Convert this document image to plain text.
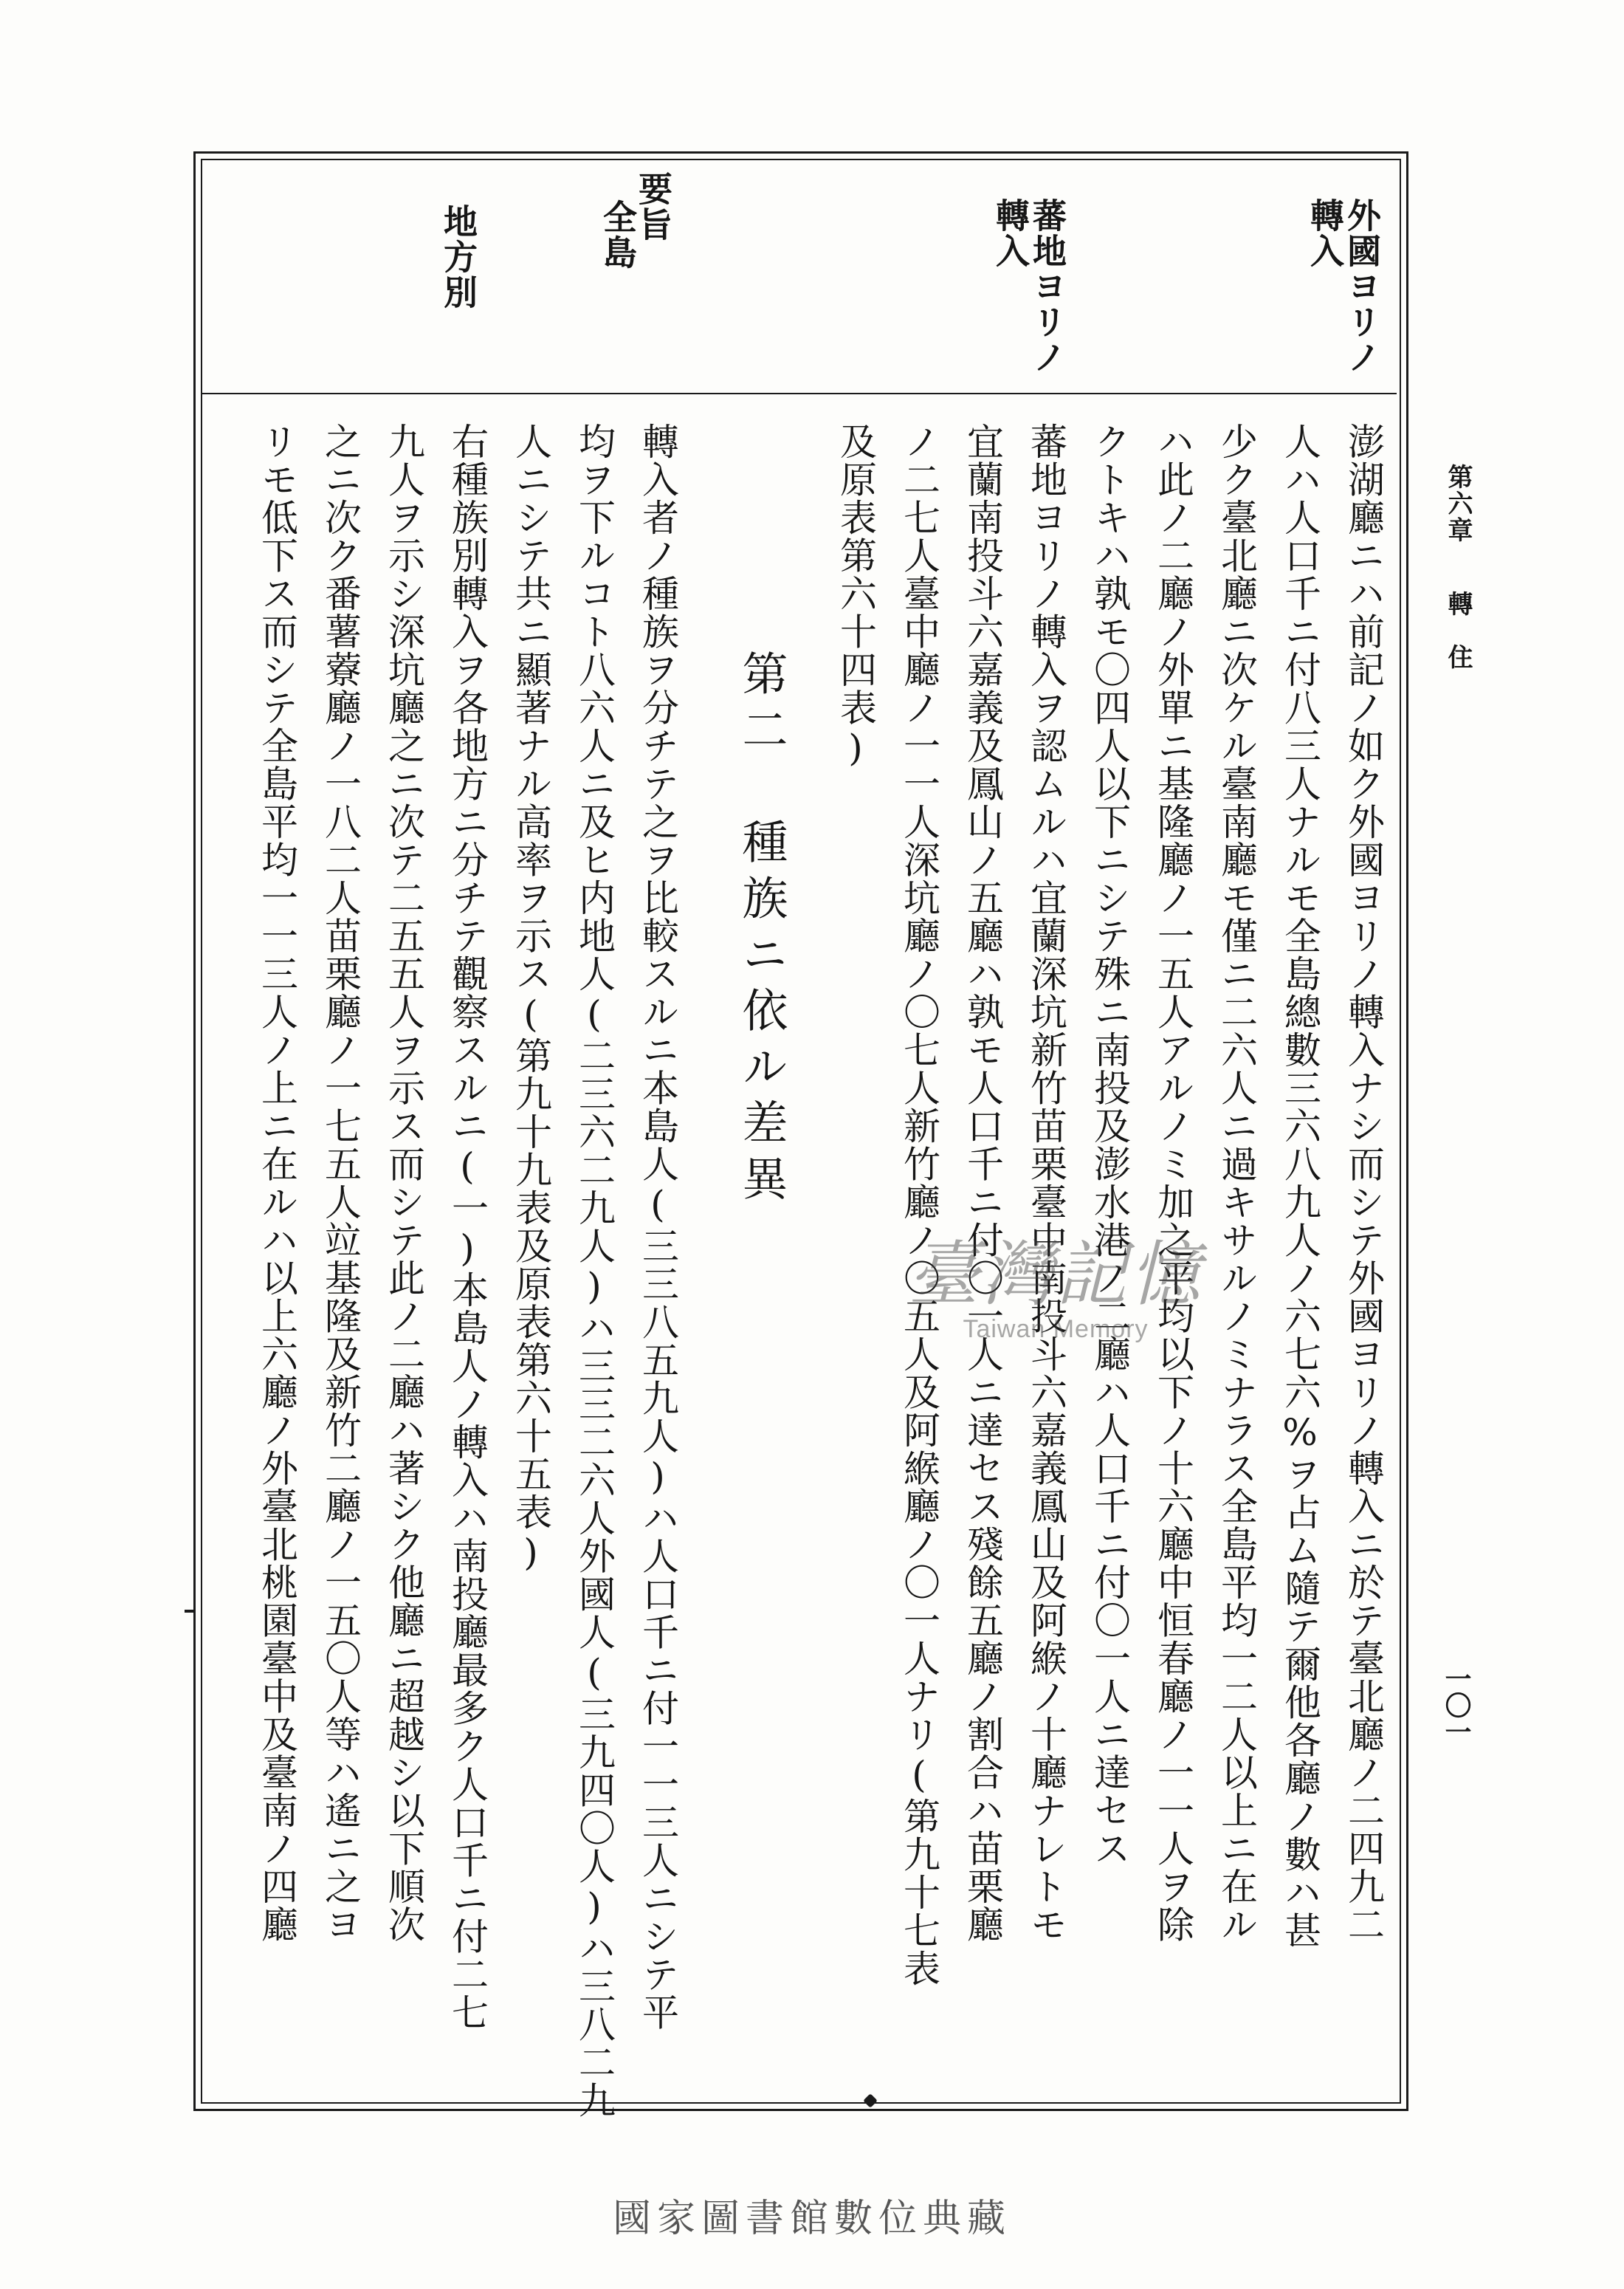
第六章
轉　住
一〇一
外國ヨリノ
轉入
蕃地ヨリノ
轉入
要旨
全島
地方別
澎湖廳ニハ前記ノ如ク外國ヨリノ轉入ナシ而シテ外國ヨリノ轉入ニ於テ臺北廳ノ二四九二
人ハ人口千ニ付八三人ナルモ全島總數三六八九人ノ六七六%ヲ占ム隨テ爾他各廳ノ數ハ甚
少ク臺北廳ニ次ケル臺南廳モ僅ニ二六人ニ過キサルノミナラス全島平均一二人以上ニ在ル
ハ此ノ二廳ノ外單ニ基隆廳ノ一五人アルノミ加之平均以下ノ十六廳中恒春廳ノ一一人ヲ除
クトキハ孰モ〇四人以下ニシテ殊ニ南投及澎水港ノ二廳ハ人口千ニ付〇一人ニ達セス
蕃地ヨリノ轉入ヲ認ムルハ宜蘭深坑新竹苗栗臺中南投斗六嘉義鳳山及阿緱ノ十廳ナレトモ
宜蘭南投斗六嘉義及鳳山ノ五廳ハ孰モ人口千ニ付〇一人ニ達セス殘餘五廳ノ割合ハ苗栗廳
ノ二七人臺中廳ノ一一人深坑廳ノ〇七人新竹廳ノ〇五人及阿緱廳ノ〇一人ナリ(第九十七表
及原表第六十四表)
第二　種族ニ依ル差異
轉入者ノ種族ヲ分チテ之ヲ比較スルニ本島人(三三八五九人)ハ人口千ニ付一一三人ニシテ平
均ヲ下ルコト八六人ニ及ヒ内地人(二三六二九人)ハ三三二六人外國人(三九四〇人)ハ三八二九
人ニシテ共ニ顯著ナル高率ヲ示ス(第九十九表及原表第六十五表)
右種族別轉入ヲ各地方ニ分チテ觀察スルニ(一)本島人ノ轉入ハ南投廳最多ク人口千ニ付二七
九人ヲ示シ深坑廳之ニ次テ二五五人ヲ示ス而シテ此ノ二廳ハ著シク他廳ニ超越シ以下順次
之ニ次ク番薯藔廳ノ一八二人苗栗廳ノ一七五人竝基隆及新竹二廳ノ一五〇人等ハ遙ニ之ヨ
リモ低下ス而シテ全島平均一一三人ノ上ニ在ルハ以上六廳ノ外臺北桃園臺中及臺南ノ四廳	臺灣記憶
Taiwan Memory
國家圖書館數位典藏
